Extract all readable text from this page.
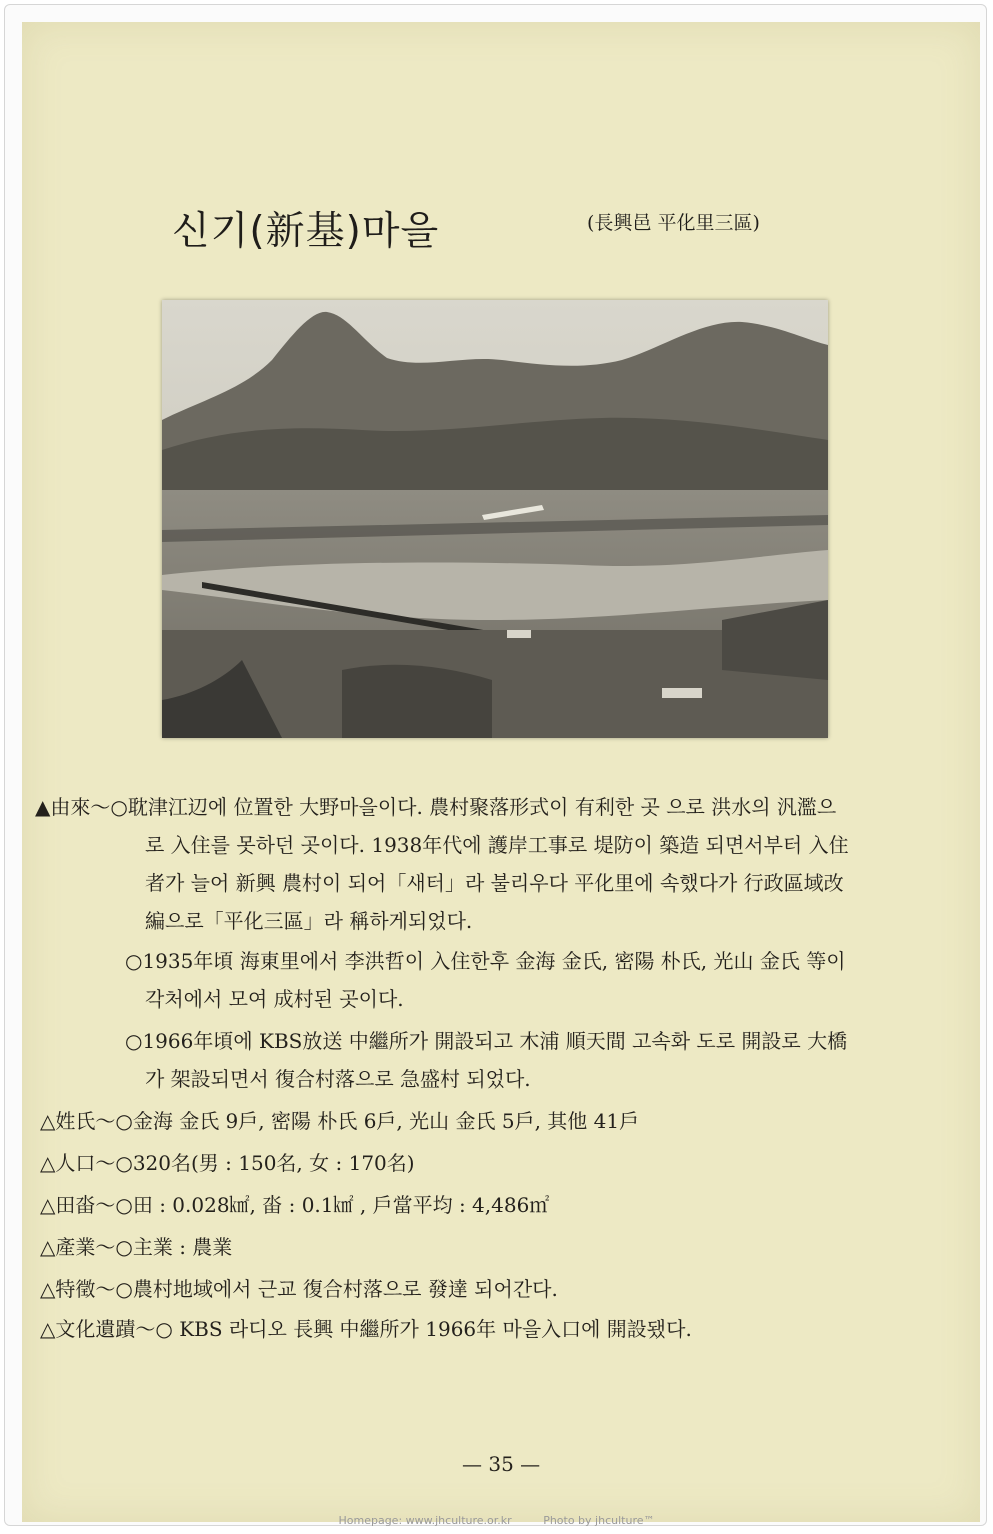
신기(新基)마을	(長興邑 平化里三區)
▲由來～○耽津江辺에 位置한 大野마을이다. 農村聚落形式이 有利한 곳 으로 洪水의 汎濫으
로 入住를 못하던 곳이다. 1938年代에 護岸工事로 堤防이 築造 되면서부터 入住
者가 늘어 新興 農村이 되어「새터」라 불리우다 平化里에 속했다가 行政區域改
編으로「平化三區」라 稱하게되었다.
○1935年頃 海東里에서 李洪哲이 入住한후 金海 金氏, 密陽 朴氏, 光山 金氏 等이
각처에서 모여 成村된 곳이다.
○1966年頃에 KBS放送 中繼所가 開設되고 木浦 順天間 고속화 도로 開設로 大橋
가 架設되면서 復合村落으로 急盛村 되었다.
△姓氏～○金海 金氏 9戶, 密陽 朴氏 6戶, 光山 金氏 5戶, 其他 41戶
△人口～○320名(男 : 150名, 女 : 170名)
△田畓～○田 : 0.028㎢, 畓 : 0.1㎢ , 戶當平均 : 4,486㎡
△產業～○主業 : 農業
△特徵～○農村地域에서 근교 復合村落으로 發達 되어간다.
△文化遺蹟～○ KBS 라디오 長興 中繼所가 1966年 마을入口에 開設됐다.
— 35 —
Homepage: www.jhculture.or.kr	Photo by jhculture™
